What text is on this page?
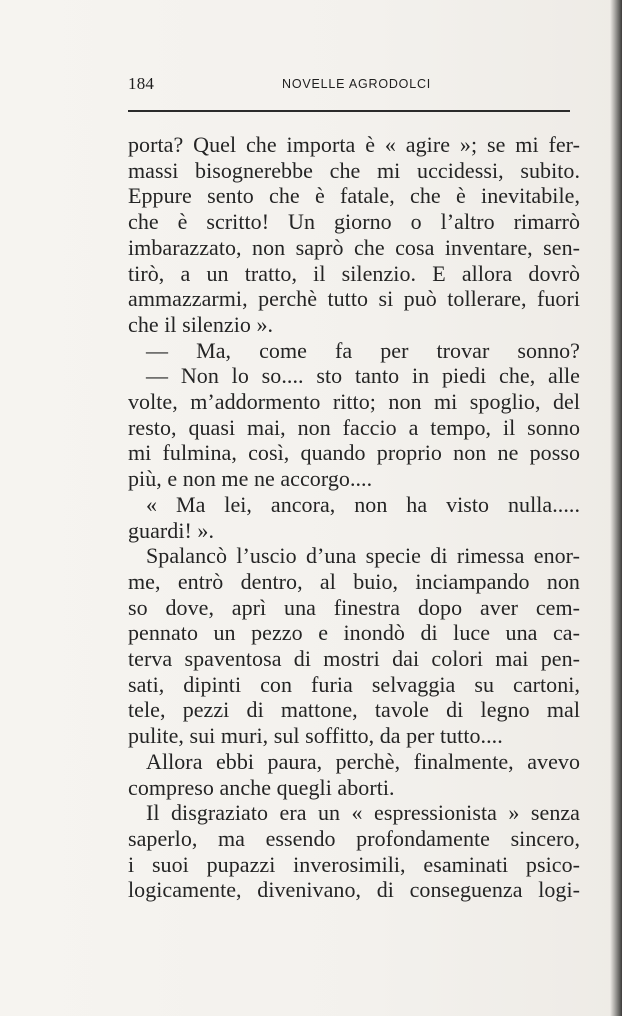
184	NOVELLE AGRODOLCI
porta? Quel che importa è « agire »; se mi fer-
massi bisognerebbe che mi uccidessi, subito.
Eppure sento che è fatale, che è inevitabile,
che è scritto! Un giorno o l’altro rimarrò
imbarazzato, non saprò che cosa inventare, sen-
tirò, a un tratto, il silenzio. E allora dovrò
ammazzarmi, perchè tutto si può tollerare, fuori
che il silenzio ».
— Ma, come fa per trovar sonno?
— Non lo so.... sto tanto in piedi che, alle
volte, m’addormento ritto; non mi spoglio, del
resto, quasi mai, non faccio a tempo, il sonno
mi fulmina, così, quando proprio non ne posso
più, e non me ne accorgo....
« Ma lei, ancora, non ha visto nulla.....
guardi! ».
Spalancò l’uscio d’una specie di rimessa enor-
me, entrò dentro, al buio, inciampando non
so dove, aprì una finestra dopo aver cem-
pennato un pezzo e inondò di luce una ca-
terva spaventosa di mostri dai colori mai pen-
sati, dipinti con furia selvaggia su cartoni,
tele, pezzi di mattone, tavole di legno mal
pulite, sui muri, sul soffitto, da per tutto....
Allora ebbi paura, perchè, finalmente, avevo
compreso anche quegli aborti.
Il disgraziato era un « espressionista » senza
saperlo, ma essendo profondamente sincero,
i suoi pupazzi inverosimili, esaminati psico-
logicamente, divenivano, di conseguenza logi-
